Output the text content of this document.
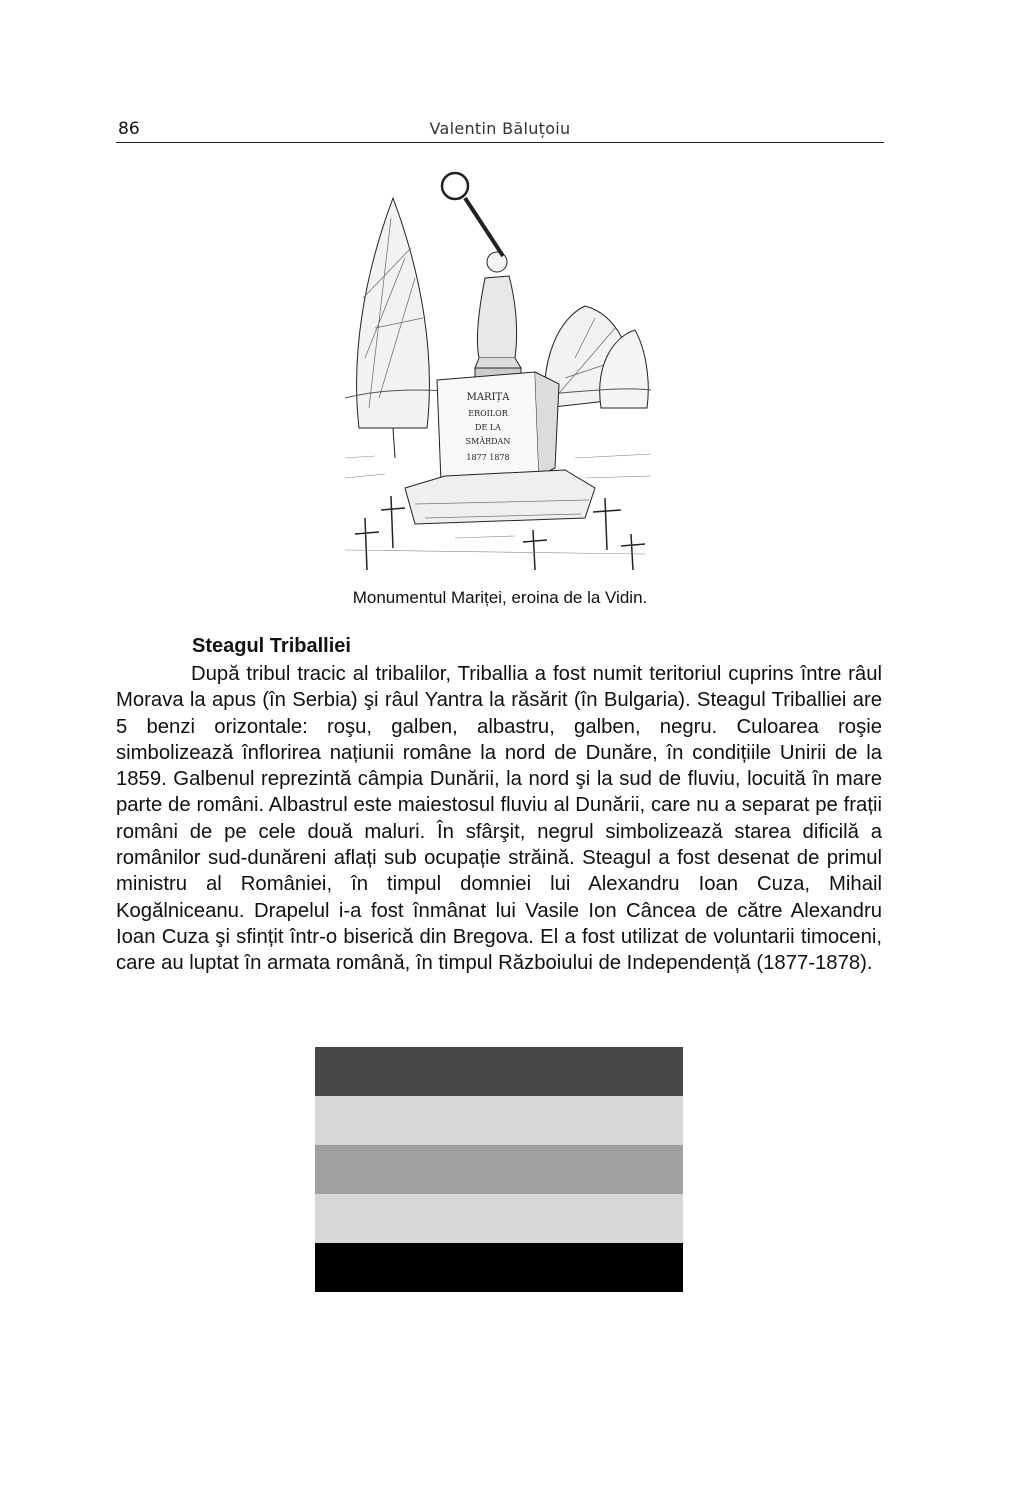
86	Valentin Băluțoiu
MARIȚA
EROILOR
DE LA
SMÂRDAN
1877 1878
Monumentul Mariței, eroina de la Vidin.
Steagul Triballiei

După tribul tracic al tribalilor, Triballia a fost numit teritoriul cuprins între râul Morava la apus (în Serbia) şi râul Yantra la răsărit (în Bulgaria). Steagul Triballiei are 5 benzi orizontale: roşu, galben, albastru, galben, negru. Culoarea roşie simbolizează înflorirea națiunii române la nord de Dunăre, în condițiile Unirii de la 1859. Galbenul reprezintă câmpia Dunării, la nord şi la sud de fluviu, locuită în mare parte de români. Albastrul este maiestosul fluviu al Dunării, care nu a separat pe frații români de pe cele două maluri. În sfârşit, negrul simbolizează starea dificilă a românilor sud-dunăreni aflați sub ocupație străină. Steagul a fost desenat de primul ministru al României, în timpul domniei lui Alexandru Ioan Cuza, Mihail Kogălniceanu. Drapelul i-a fost înmânat lui Vasile Ion Câncea de către Alexandru Ioan Cuza şi sfințit într-o biserică din Bregova. El a fost utilizat de voluntarii timoceni, care au luptat în armata română, în timpul Războiului de Independență (1877-1878).
